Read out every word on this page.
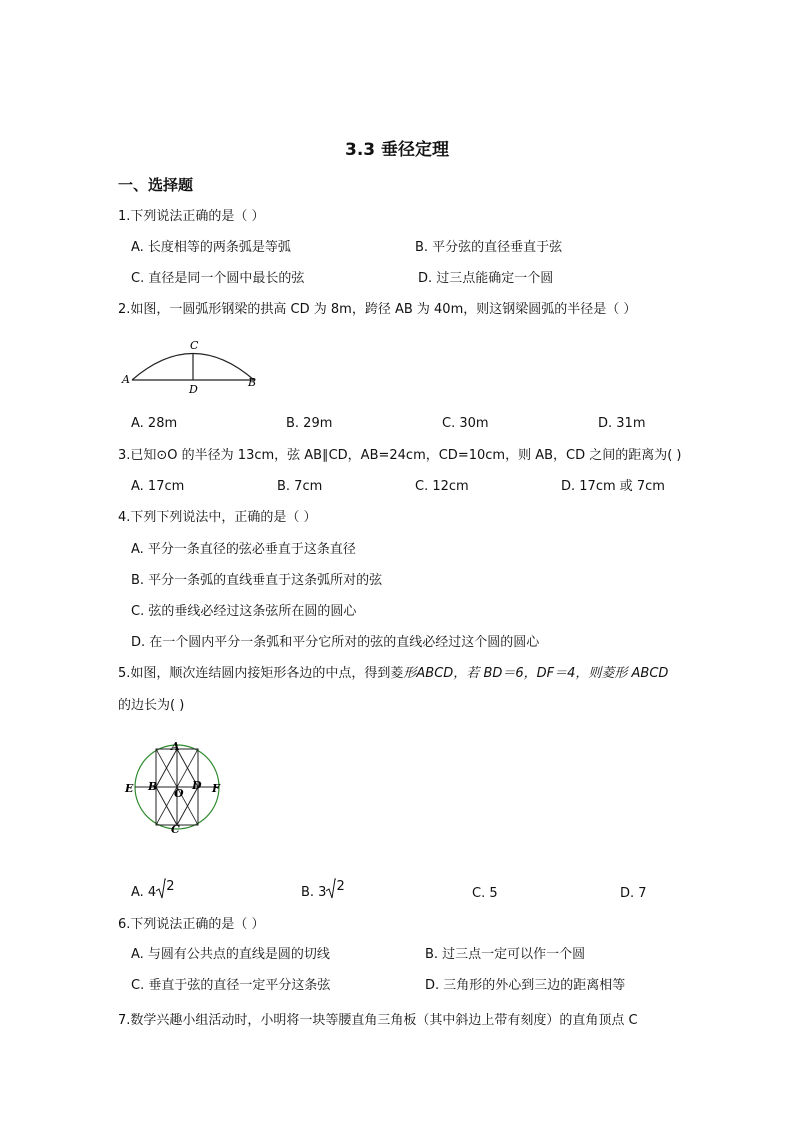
3.3 垂径定理
一、选择题
1.下列说法正确的是（ ）
A. 长度相等的两条弧是等弧	B. 平分弦的直径垂直于弦
C. 直径是同一个圆中最长的弦	D. 过三点能确定一个圆
2.如图，一圆弧形钢梁的拱高 CD 为 8m，跨径 AB 为 40m，则这钢梁圆弧的半径是（ ）
A	B
C
D
A. 28m	B. 29m	C. 30m	D. 31m
3.已知⊙O 的半径为 13cm，弦 AB∥CD，AB=24cm，CD=10cm，则 AB，CD 之间的距离为( )
A. 17cm	B. 7cm	C. 12cm	D. 17cm 或 7cm
4.下列下列说法中，正确的是（ ）
A. 平分一条直径的弦必垂直于这条直径
B. 平分一条弧的直线垂直于这条弧所对的弦
C. 弦的垂线必经过这条弦所在圆的圆心
D. 在一个圆内平分一条弧和平分它所对的弦的直线必经过这个圆的圆心
5.如图，顺次连结圆内接矩形各边的中点，得到菱形ABCD，若 BD＝6，DF＝4，则菱形 ABCD
的边长为( )
A
C
E	F
B	D
O
A. 4 2	B. 3 2	C. 5	D. 7
6.下列说法正确的是（ ）
A. 与圆有公共点的直线是圆的切线	B. 过三点一定可以作一个圆
C. 垂直于弦的直径一定平分这条弦	D. 三角形的外心到三边的距离相等
7.数学兴趣小组活动时，小明将一块等腰直角三角板（其中斜边上带有刻度）的直角顶点 C
